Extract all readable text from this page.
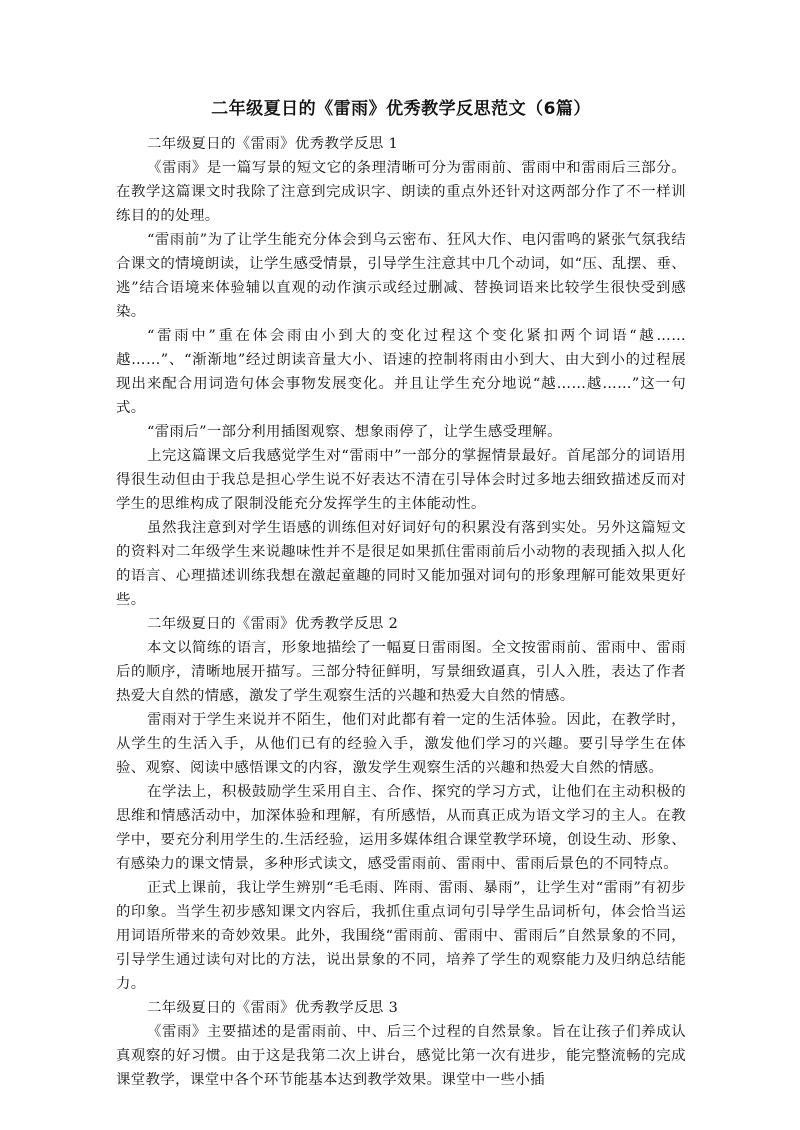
二年级夏日的《雷雨》优秀教学反思范文（6篇）

二年级夏日的《雷雨》优秀教学反思 1

《雷雨》是一篇写景的短文它的条理清晰可分为雷雨前、雷雨中和雷雨后三部分。在教学这篇课文时我除了注意到完成识字、朗读的重点外还针对这两部分作了不一样训练目的的处理。

“雷雨前”为了让学生能充分体会到乌云密布、狂风大作、电闪雷鸣的紧张气氛我结合课文的情境朗读，让学生感受情景，引导学生注意其中几个动词，如“压、乱摆、垂、逃”结合语境来体验辅以直观的动作演示或经过删减、替换词语来比较学生很快受到感染。

“雷雨中”重在体会雨由小到大的变化过程这个变化紧扣两个词语“越……越……”、“渐渐地”经过朗读音量大小、语速的控制将雨由小到大、由大到小的过程展现出来配合用词造句体会事物发展变化。并且让学生充分地说“越……越……”这一句式。

“雷雨后”一部分利用插图观察、想象雨停了，让学生感受理解。

上完这篇课文后我感觉学生对“雷雨中”一部分的掌握情景最好。首尾部分的词语用得很生动但由于我总是担心学生说不好表达不清在引导体会时过多地去细致描述反而对学生的思维构成了限制没能充分发挥学生的主体能动性。

虽然我注意到对学生语感的训练但对好词好句的积累没有落到实处。另外这篇短文的资料对二年级学生来说趣味性并不是很足如果抓住雷雨前后小动物的表现插入拟人化的语言、心理描述训练我想在激起童趣的同时又能加强对词句的形象理解可能效果更好些。

二年级夏日的《雷雨》优秀教学反思 2

本文以简练的语言，形象地描绘了一幅夏日雷雨图。全文按雷雨前、雷雨中、雷雨后的顺序，清晰地展开描写。三部分特征鲜明，写景细致逼真，引人入胜，表达了作者热爱大自然的情感，激发了学生观察生活的兴趣和热爱大自然的情感。

雷雨对于学生来说并不陌生，他们对此都有着一定的生活体验。因此，在教学时，从学生的生活入手，从他们已有的经验入手，激发他们学习的兴趣。要引导学生在体验、观察、阅读中感悟课文的内容，激发学生观察生活的兴趣和热爱大自然的情感。

在学法上，积极鼓励学生采用自主、合作、探究的学习方式，让他们在主动积极的思维和情感活动中，加深体验和理解，有所感悟，从而真正成为语文学习的主人。在教学中，要充分利用学生的.生活经验，运用多媒体组合课堂教学环境，创设生动、形象、有感染力的课文情景，多种形式读文，感受雷雨前、雷雨中、雷雨后景色的不同特点。

正式上课前，我让学生辨别“毛毛雨、阵雨、雷雨、暴雨”，让学生对“雷雨”有初步的印象。当学生初步感知课文内容后，我抓住重点词句引导学生品词析句，体会恰当运用词语所带来的奇妙效果。此外，我围绕“雷雨前、雷雨中、雷雨后”自然景象的不同，引导学生通过读句对比的方法，说出景象的不同，培养了学生的观察能力及归纳总结能力。

二年级夏日的《雷雨》优秀教学反思 3

《雷雨》主要描述的是雷雨前、中、后三个过程的自然景象。旨在让孩子们养成认真观察的好习惯。由于这是我第二次上讲台，感觉比第一次有进步，能完整流畅的完成课堂教学，课堂中各个环节能基本达到教学效果。课堂中一些小插
